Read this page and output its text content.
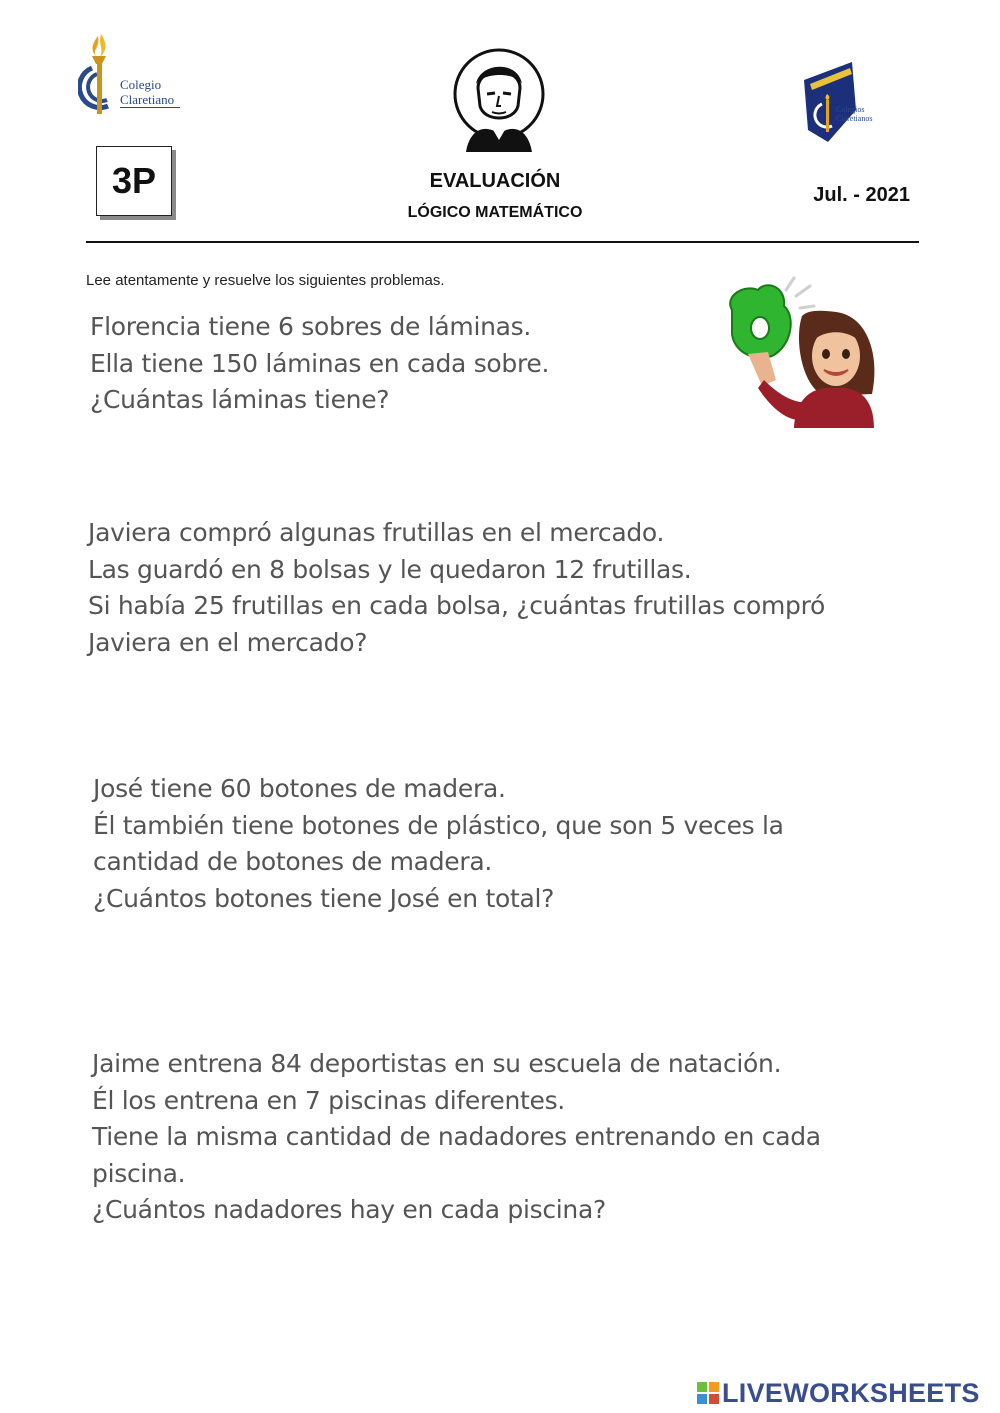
Colegio
Claretiano
Colegios
Claretianos
3P	EVALUACIÓN
LÓGICO MATEMÁTICO
Jul. - 2021
Lee atentamente y resuelve los siguientes problemas.
Florencia tiene 6 sobres de láminas.
Ella tiene 150 láminas en cada sobre.
¿Cuántas láminas tiene?
Javiera compró algunas frutillas en el mercado.
Las guardó en 8 bolsas y le quedaron 12 frutillas.
Si había 25 frutillas en cada bolsa, ¿cuántas frutillas compró
Javiera en el mercado?
José tiene 60 botones de madera.
Él también tiene botones de plástico, que son 5 veces la
cantidad de botones de madera.
¿Cuántos botones tiene José en total?
Jaime entrena 84 deportistas en su escuela de natación.
Él los entrena en 7 piscinas diferentes.
Tiene la misma cantidad de nadadores entrenando en cada
piscina.
¿Cuántos nadadores hay en cada piscina?
LIVEWORKSHEETS
